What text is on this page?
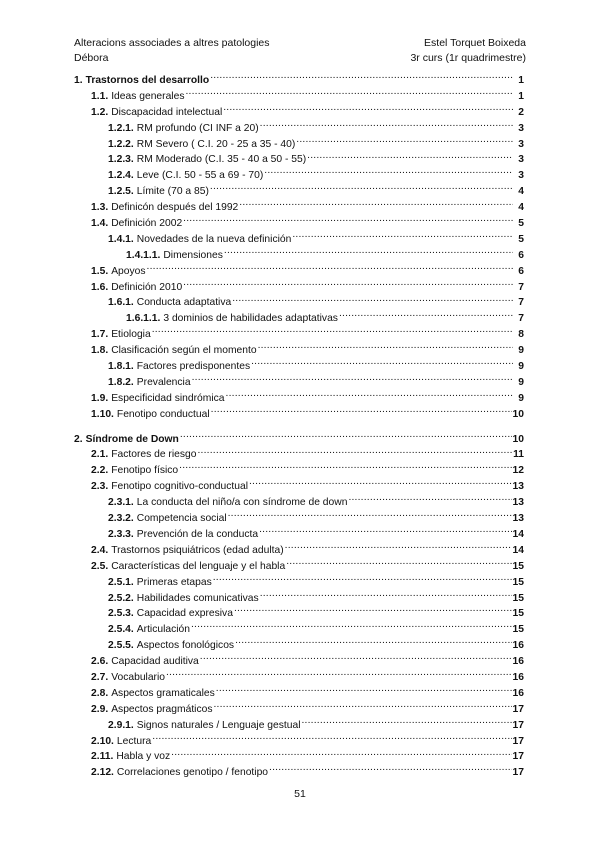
Alteracions associades a altres patologies	Estel Torquet Boixeda
Débora	3r curs (1r quadrimestre)
1. Trastornos del desarrollo .....	1
1.1. Ideas generales .....	1
1.2. Discapacidad intelectual .....	2
1.2.1. RM profundo (CI INF a 20) .....	3
1.2.2. RM Severo ( C.I. 20 - 25 a 35 - 40) .....	3
1.2.3. RM Moderado (C.I. 35 - 40 a 50 - 55) .....	3
1.2.4. Leve (C.I. 50 - 55 a 69 - 70) .....	3
1.2.5. Límite (70 a 85) .....	4
1.3. Definicón después del 1992 .....	4
1.4. Definición 2002 .....	5
1.4.1. Novedades de la nueva definición .....	5
1.4.1.1. Dimensiones .....	6
1.5. Apoyos .....	6
1.6. Definición 2010 .....	7
1.6.1. Conducta adaptativa .....	7
1.6.1.1. 3 dominios de habilidades adaptativas .....	7
1.7. Etiologia .....	8
1.8. Clasificación según el momento .....	9
1.8.1. Factores predisponentes .....	9
1.8.2. Prevalencia .....	9
1.9. Especificidad sindrómica .....	9
1.10. Fenotipo conductual .....	10
2. Síndrome de Down .....	10
2.1. Factores de riesgo .....	11
2.2. Fenotipo físico .....	12
2.3. Fenotipo cognitivo-conductual .....	13
2.3.1. La conducta del niño/a con síndrome de down .....	13
2.3.2. Competencia social .....	13
2.3.3. Prevención de la conducta .....	14
2.4. Trastornos psiquiátricos (edad adulta) .....	14
2.5. Características del lenguaje y el habla .....	15
2.5.1. Primeras etapas .....	15
2.5.2. Habilidades comunicativas .....	15
2.5.3. Capacidad expresiva .....	15
2.5.4. Articulación .....	15
2.5.5. Aspectos fonológicos .....	16
2.6. Capacidad auditiva .....	16
2.7. Vocabulario .....	16
2.8. Aspectos gramaticales .....	16
2.9. Aspectos pragmáticos .....	17
2.9.1. Signos naturales / Lenguaje gestual .....	17
2.10. Lectura .....	17
2.11. Habla y voz .....	17
2.12. Correlaciones genotipo / fenotipo .....	17
51
